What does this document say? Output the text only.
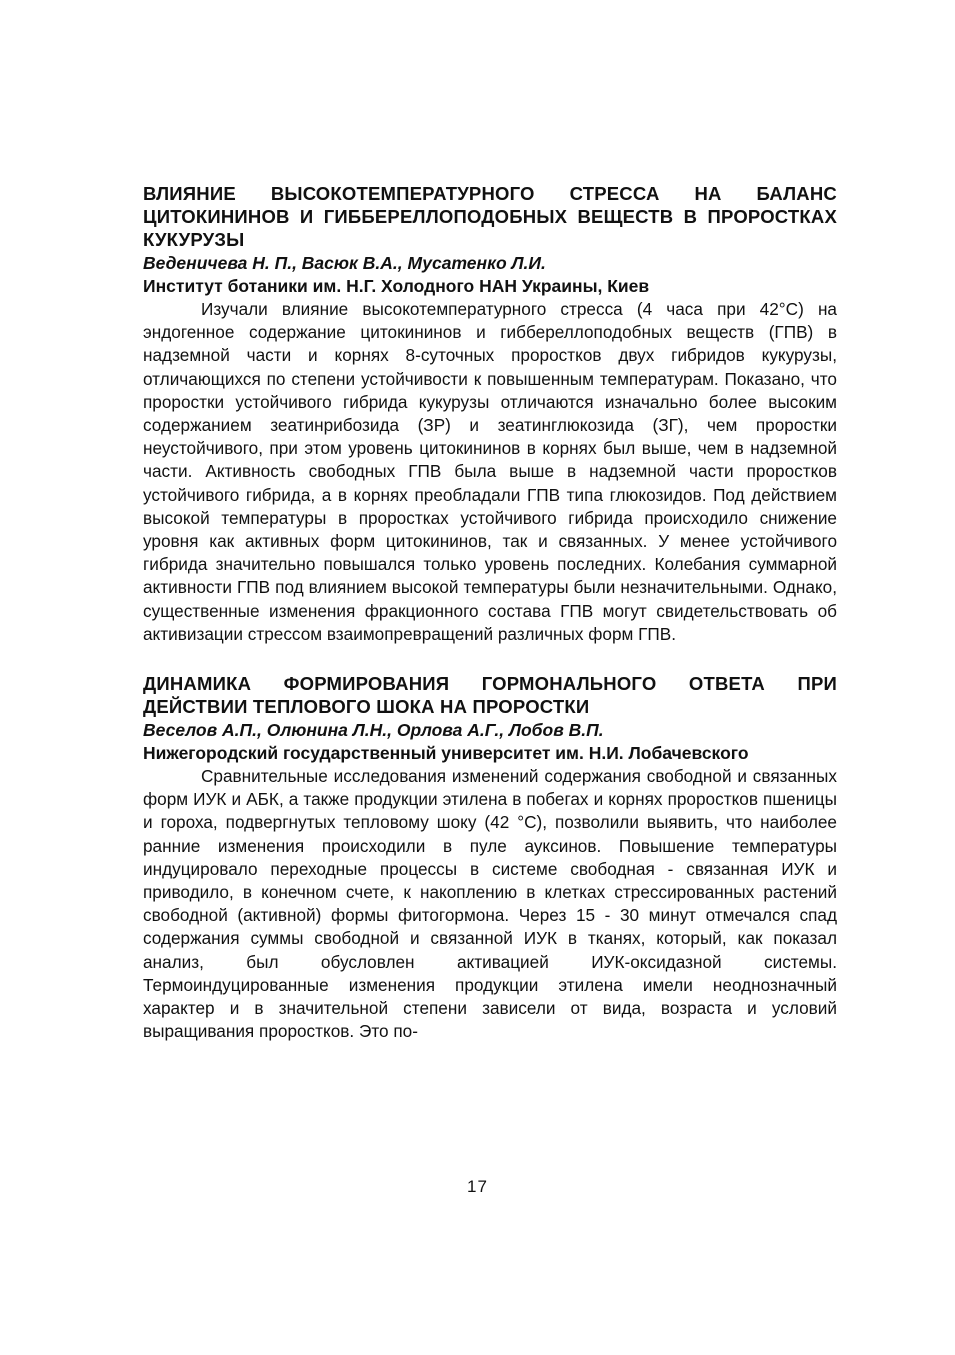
ВЛИЯНИЕ ВЫСОКОТЕМПЕРАТУРНОГО СТРЕССА НА БАЛАНС ЦИТОКИНИНОВ И ГИББЕРЕЛЛОПОДОБНЫХ ВЕЩЕСТВ В ПРОРОСТКАХ КУКУРУЗЫ

Веденичева Н. П., Васюк В.А., Мусатенко Л.И.

Институт ботаники им. Н.Г. Холодного НАН Украины, Киев

Изучали влияние высокотемпературного стресса (4 часа при 42°С) на эндогенное содержание цитокининов и гиббереллоподобных веществ (ГПВ) в надземной части и корнях 8-суточных проростков двух гибридов кукурузы, отличающихся по степени устойчивости к повышенным температурам. Показано, что проростки устойчивого гибрида кукурузы отличаются изначально более высоким содержанием зеатинрибозида (ЗР) и зеатинглюкозида (ЗГ), чем проростки неустойчивого, при этом уровень цитокининов в корнях был выше, чем в надземной части. Активность свободных ГПВ была выше в надземной части проростков устойчивого гибрида, а в корнях преобладали ГПВ типа глюкозидов. Под действием высокой температуры в проростках устойчивого гибрида происходило снижение уровня как активных форм цитокининов, так и связанных. У менее устойчивого гибрида значительно повышался только уровень последних. Колебания суммарной активности ГПВ под влиянием высокой температуры были незначительными. Однако, существенные изменения фракционного состава ГПВ могут свидетельствовать об активизации стрессом взаимопревращений различных форм ГПВ.

ДИНАМИКА ФОРМИРОВАНИЯ ГОРМОНАЛЬНОГО ОТВЕТА ПРИ ДЕЙСТВИИ ТЕПЛОВОГО ШОКА НА ПРОРОСТКИ

Веселов А.П., Олюнина Л.Н., Орлова А.Г., Лобов В.П.

Нижегородский государственный университет им. Н.И. Лобачевского

Сравнительные исследования изменений содержания свободной и связанных форм ИУК и АБК, а также продукции этилена в побегах и корнях проростков пшеницы и гороха, подвергнутых тепловому шоку (42 °С), позволили выявить, что наиболее ранние изменения происходили в пуле ауксинов. Повышение температуры индуцировало переходные процессы в системе свободная - связанная ИУК и приводило, в конечном счете, к накоплению в клетках стрессированных растений свободной (активной) формы фитогормона. Через 15 - 30 минут отмечался спад содержания суммы свободной и связанной ИУК в тканях, который, как показал анализ, был обусловлен активацией ИУК-оксидазной системы. Термоиндуцированные изменения продукции этилена имели неоднозначный характер и в значительной степени зависели от вида, возраста и условий выращивания проростков. Это по-

17
